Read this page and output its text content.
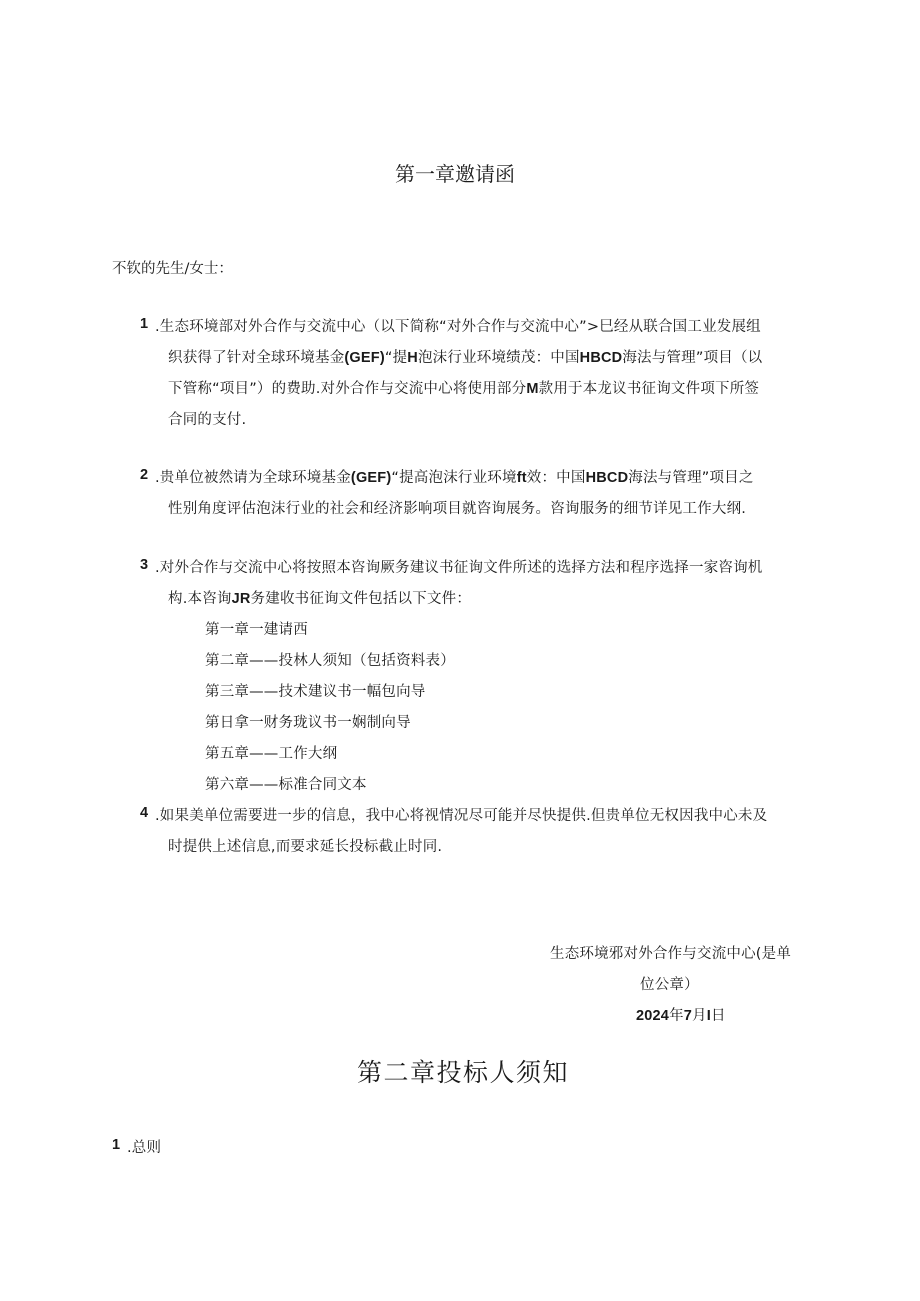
第一章邀请函
不钦的先生/女士：
1 .生态环境部对外合作与交流中心（以下简称“对外合作与交流中心”>巳经从联合国工业发展组
织获得了针对全球环境基金(GEF)“提H泡沫行业环境绩茂：中国HBCD海法与管理”项目（以
下管称“项目”）的费助.对外合作与交流中心将使用部分M款用于本龙议书征询文件项下所签
合同的支付.
2 .贵单位被然请为全球环境基金(GEF)“提高泡沫行业环境ft效：中国HBCD海法与管理”项目之
性别角度评估泡沫行业的社会和经济影响项目就咨询展务。咨询服务的细节详见工作大纲.
3 .对外合作与交流中心将按照本咨询厥务建议书征询文件所述的选择方法和程序选择一家咨询机
构.本咨询JR务建收书征询文件包括以下文件：
第一章一建请西
第二章——投林人须知（包括资料表）
第三章——技术建议书一幅包向导
第日拿一财务珑议书一娴制向导
第五章——工作大纲
第六章——标准合同文本
4 .如果美单位需要进一步的信息，我中心将视情况尽可能并尽快提供.但贵单位无权因我中心未及
时提供上述信息,而要求延长投标截止时同.
生态环境邪对外合作与交流中心(是单
位公章）
2024年7月I日
第二章投标人须知
1 .总则
